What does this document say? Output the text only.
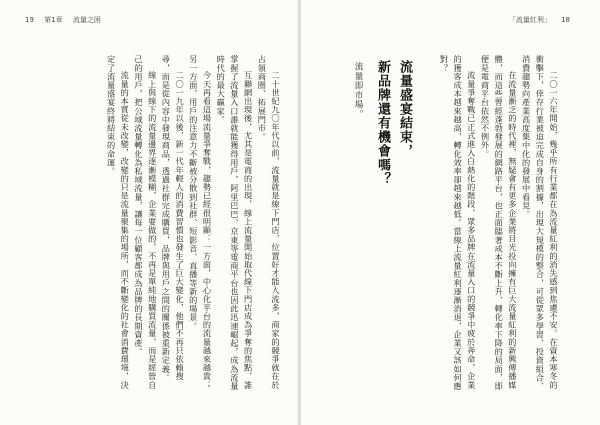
19 第1章 流量之困	「流量紅利」 18

二〇一六年開始，幾乎所有行業都在為流量紅利的消失感到焦慮不安。在資本寒冬的衝擊下，倖存行業被迫完成自身的割據，出現大規模的整合，可從眾多學習、投資組合、消費趨勢向產業高度集中化的發展中看見。

在流量漸乏的時代裡，無疑會有更多企業將目光投向擁有巨大流量紅利的新興傳播媒體，而這些曾經蓬勃發展的網路平台，也正面臨著成本不斷上升、轉化率下降的局面，即便是電商平台依然不例外。

流量爭奪戰已正式進入白熱化的階段，眾多品牌在流量入口的競爭中疲於奔命，企業的獲客成本越來越高，轉化效率卻越來越低。當線上流量紅利逐漸消退，企業又該如何應對？

流量盛宴結束，
新品牌還有機會嗎？
流量即市場。

二十世紀九〇年代以前，流量就是線下門店，位置好才能人流多，商家的競爭就在於占領商圈、拓展門市。

互聯網出現後，尤其是電商的出現，線上流量開始取代線下門店成為爭奪的焦點，誰掌握了流量入口誰就能獲得用戶，阿里巴巴、京東等電商平台也因此迅速崛起，成為流量時代的最大贏家。

今天再看這場流量爭奪戰，趨勢已經很明顯：一方面，中心化平台的流量越來越貴；另一方面，用戶的注意力不斷被分散到社群、短影音、直播等新的場景。

二〇一九年以後，新一代年輕人的消費習慣也發生了巨大變化，他們不再只依賴搜尋，而是從內容中發現商品，透過社群完成購買，品牌與用戶之間的關係被重新定義。

線上與線下的流量邊界逐漸模糊，企業要做的，不再是單純地購買流量，而是經營自己的用戶，把公域流量轉化為私域流量，讓每一位顧客都成為品牌的長期資產。

流量的本質從未改變，改變的只是流量聚集的場所，而不斷變化的社會消費環境，決定了流量盛宴終將結束的命運。
